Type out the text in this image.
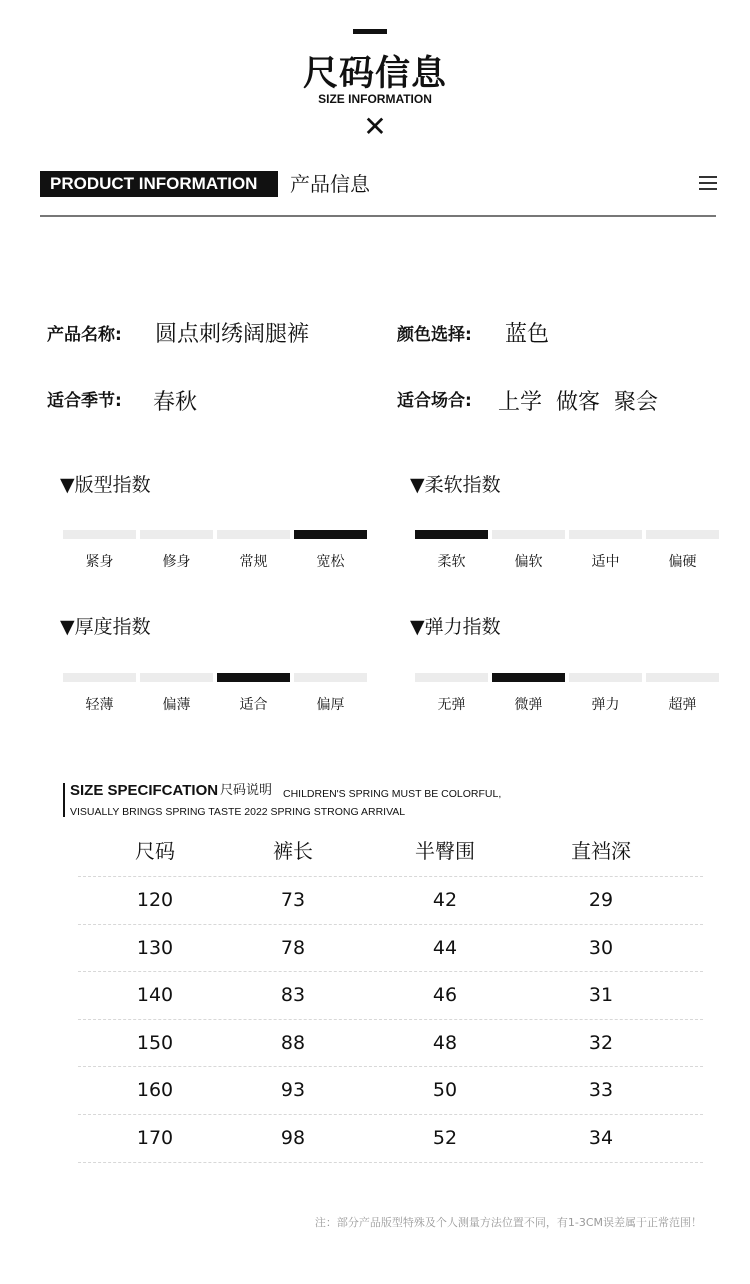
尺码信息
SIZE INFORMATION
✕
PRODUCT INFORMATION	产品信息
产品名称: 圆点刺绣阔腿裤	颜色选择: 蓝色
适合季节: 春秋	适合场合: 上学  做客  聚会
▼版型指数
紧身	修身	常规	宽松
▼柔软指数
柔软	偏软	适中	偏硬
▼厚度指数
轻薄	偏薄	适合	偏厚
▼弹力指数
无弹	微弹	弹力	超弹
SIZE SPECIFCATION 尺码说明 CHILDREN'S SPRING MUST BE COLORFUL,
VISUALLY BRINGS SPRING TASTE 2022 SPRING STRONG ARRIVAL
尺码	裤长	半臀围	直裆深
120	73	42	29
130	78	44	30
140	83	46	31
150	88	48	32
160	93	50	33
170	98	52	34
注：部分产品版型特殊及个人测量方法位置不同，有1-3CM误差属于正常范围！
